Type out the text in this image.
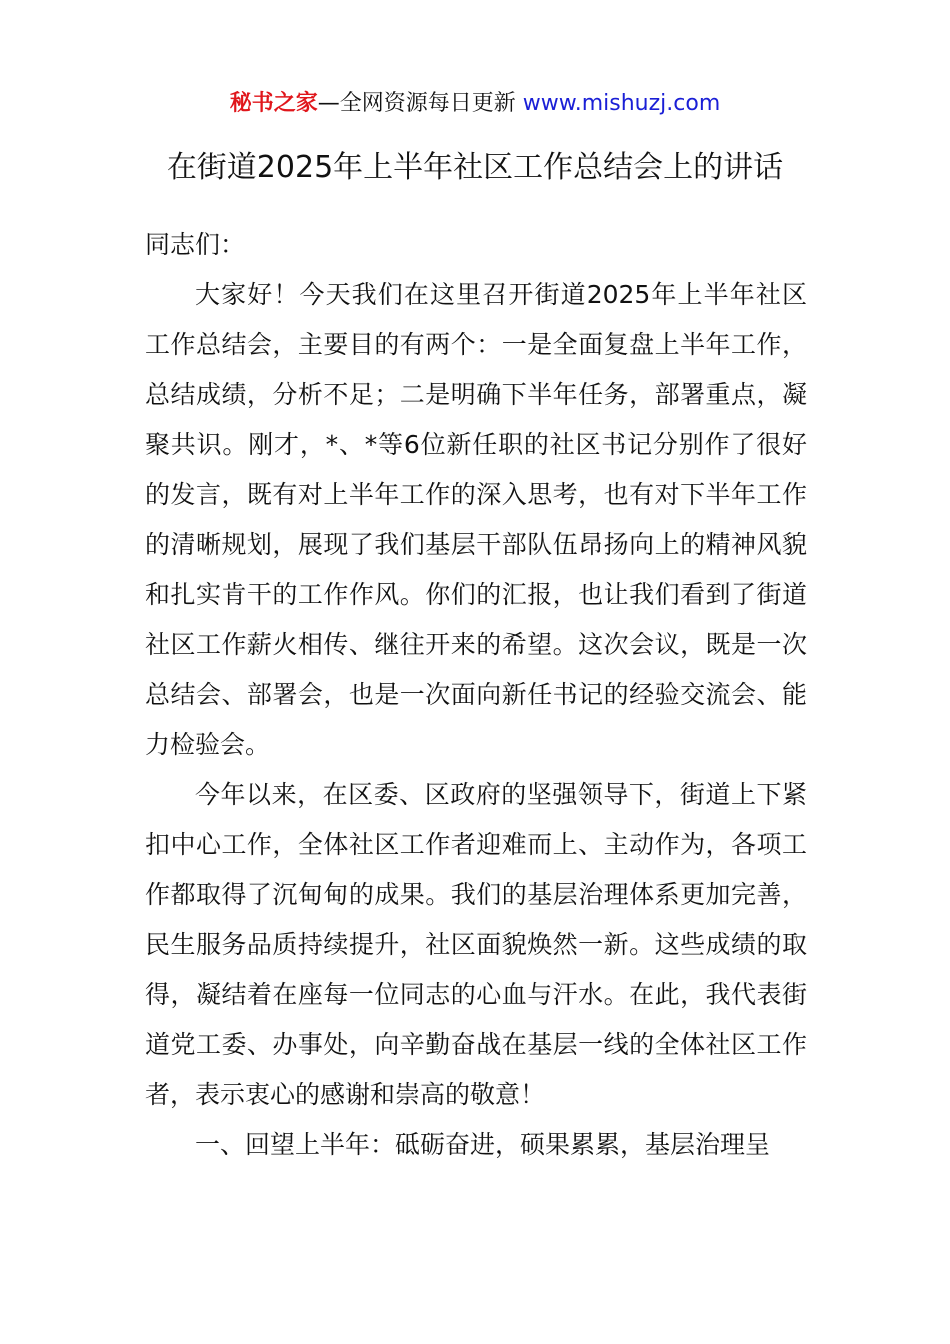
秘书之家—全网资源每日更新 www.mishuzj.com
在街道2025年上半年社区工作总结会上的讲话

同志们：

大家好！今天我们在这里召开街道2025年上半年社区工作总结会，主要目的有两个：一是全面复盘上半年工作，总结成绩，分析不足；二是明确下半年任务，部署重点，凝聚共识。刚才，*、*等6位新任职的社区书记分别作了很好的发言，既有对上半年工作的深入思考，也有对下半年工作的清晰规划，展现了我们基层干部队伍昂扬向上的精神风貌和扎实肯干的工作作风。你们的汇报，也让我们看到了街道社区工作薪火相传、继往开来的希望。这次会议，既是一次总结会、部署会，也是一次面向新任书记的经验交流会、能力检验会。

今年以来，在区委、区政府的坚强领导下，街道上下紧扣中心工作，全体社区工作者迎难而上、主动作为，各项工作都取得了沉甸甸的成果。我们的基层治理体系更加完善，民生服务品质持续提升，社区面貌焕然一新。这些成绩的取得，凝结着在座每一位同志的心血与汗水。在此，我代表街道党工委、办事处，向辛勤奋战在基层一线的全体社区工作者，表示衷心的感谢和崇高的敬意！

一、回望上半年：砥砺奋进，硕果累累，基层治理呈
